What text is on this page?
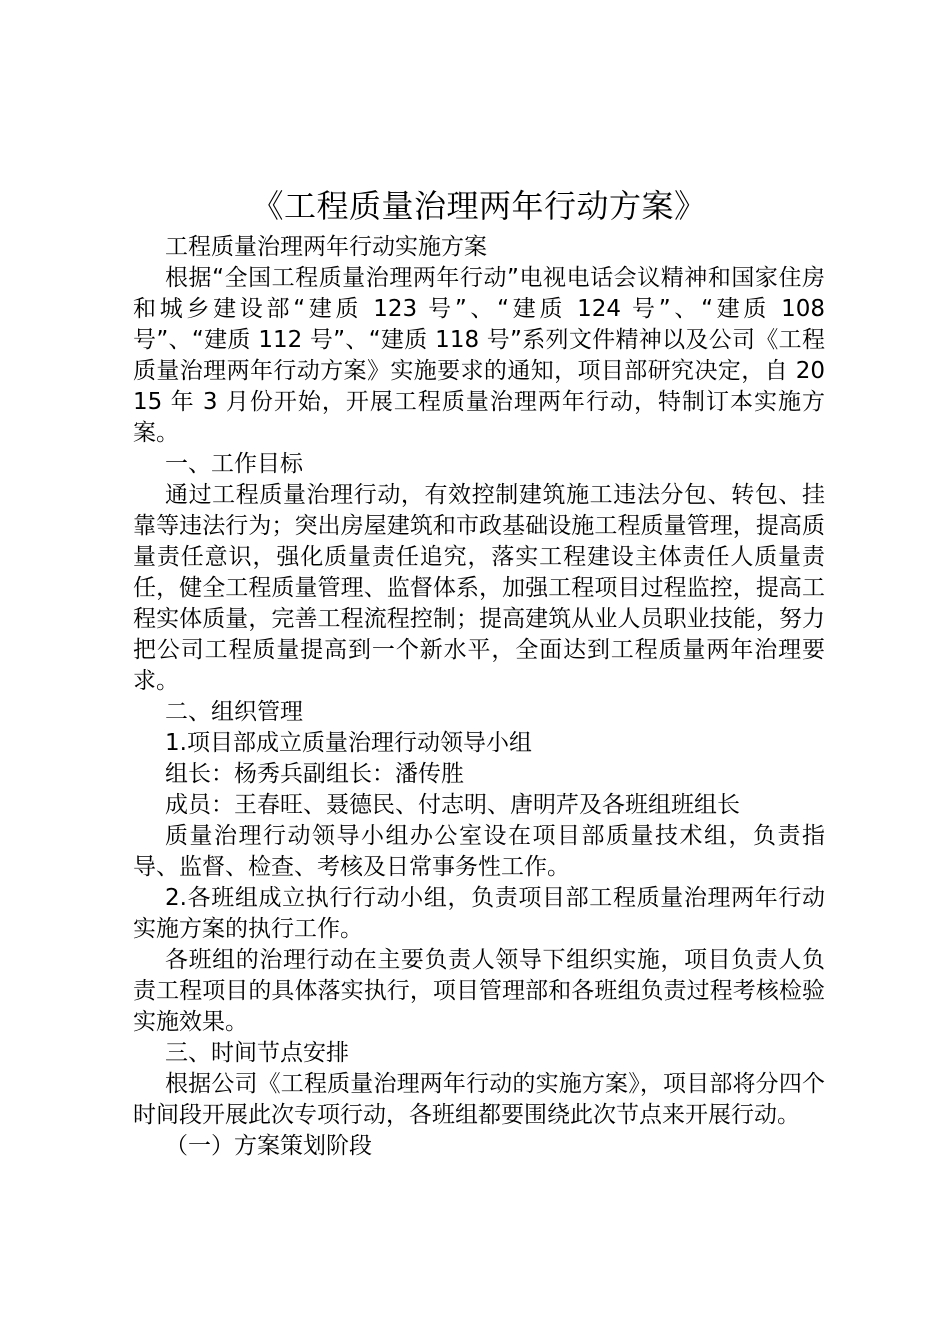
《工程质量治理两年行动方案》

工程质量治理两年行动实施方案

根据“全国工程质量治理两年行动”电视电话会议精神和国家住房和城乡建设部“建质 123 号”、“建质 124 号”、“建质 108 号”、“建质 112 号”、“建质 118 号”系列文件精神以及公司《工程质量治理两年行动方案》实施要求的通知，项目部研究决定，自 2015 年 3 月份开始，开展工程质量治理两年行动，特制订本实施方案。

一、工作目标

通过工程质量治理行动，有效控制建筑施工违法分包、转包、挂靠等违法行为；突出房屋建筑和市政基础设施工程质量管理，提高质量责任意识，强化质量责任追究，落实工程建设主体责任人质量责任，健全工程质量管理、监督体系，加强工程项目过程监控，提高工程实体质量，完善工程流程控制；提高建筑从业人员职业技能，努力把公司工程质量提高到一个新水平，全面达到工程质量两年治理要求。

二、组织管理

1.项目部成立质量治理行动领导小组

组长：杨秀兵副组长：潘传胜

成员：王春旺、聂德民、付志明、唐明芹及各班组班组长

质量治理行动领导小组办公室设在项目部质量技术组，负责指导、监督、检查、考核及日常事务性工作。

2.各班组成立执行行动小组，负责项目部工程质量治理两年行动实施方案的执行工作。

各班组的治理行动在主要负责人领导下组织实施，项目负责人负责工程项目的具体落实执行，项目管理部和各班组负责过程考核检验实施效果。

三、时间节点安排

根据公司《工程质量治理两年行动的实施方案》，项目部将分四个时间段开展此次专项行动，各班组都要围绕此次节点来开展行动。

（一）方案策划阶段
